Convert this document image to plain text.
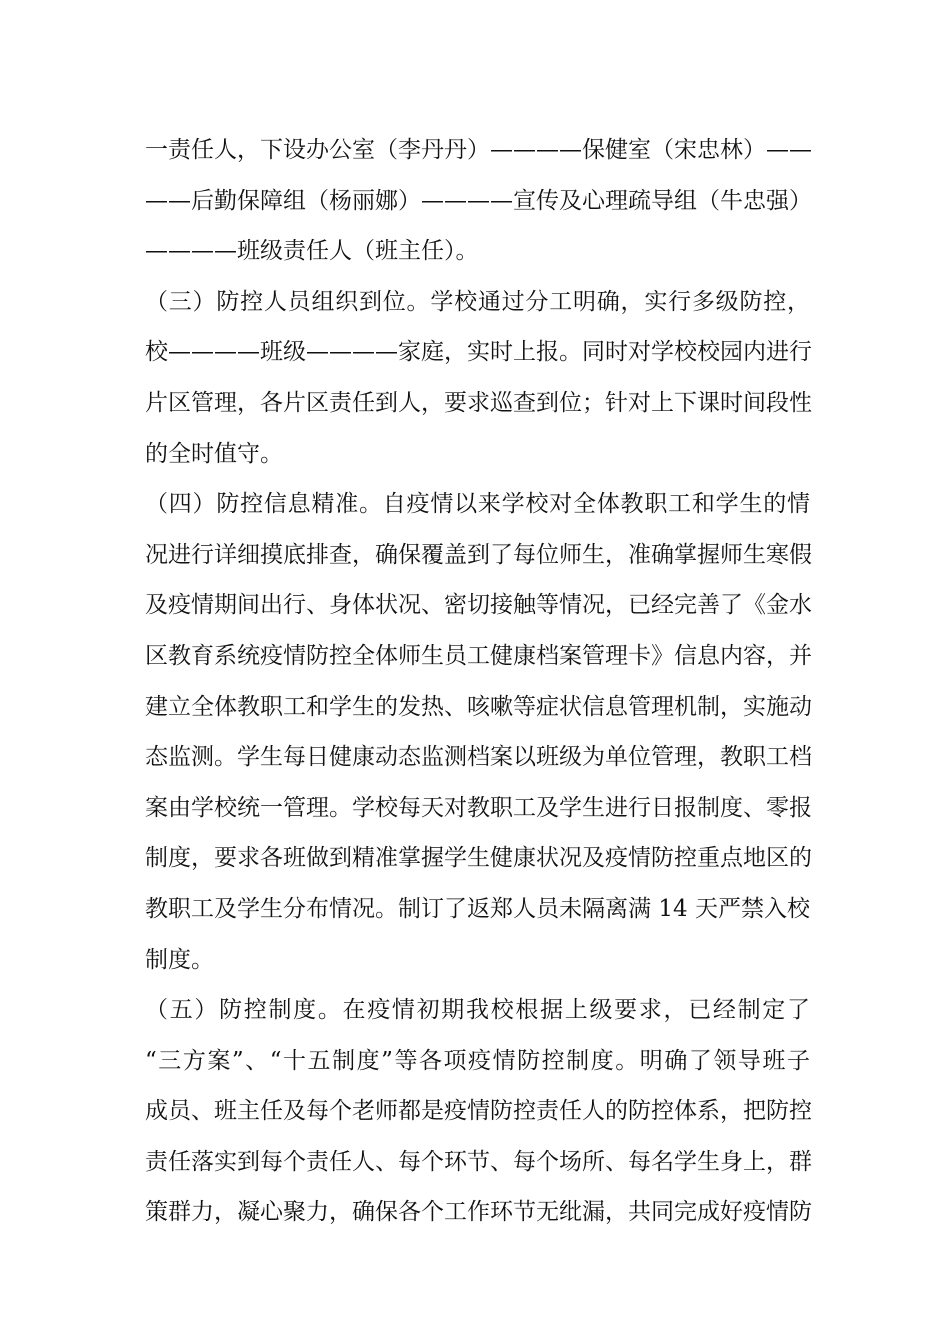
一责任人，下设办公室（李丹丹）————保健室（宋忠林）——
——后勤保障组（杨丽娜）————宣传及心理疏导组（牛忠强）
————班级责任人（班主任）。
（三）防控人员组织到位。学校通过分工明确，实行多级防控，
校————班级————家庭，实时上报。同时对学校校园内进行
片区管理，各片区责任到人，要求巡查到位；针对上下课时间段性
的全时值守。
（四）防控信息精准。自疫情以来学校对全体教职工和学生的情
况进行详细摸底排查，确保覆盖到了每位师生，准确掌握师生寒假
及疫情期间出行、身体状况、密切接触等情况，已经完善了《金水
区教育系统疫情防控全体师生员工健康档案管理卡》信息内容，并
建立全体教职工和学生的发热、咳嗽等症状信息管理机制，实施动
态监测。学生每日健康动态监测档案以班级为单位管理，教职工档
案由学校统一管理。学校每天对教职工及学生进行日报制度、零报
制度，要求各班做到精准掌握学生健康状况及疫情防控重点地区的
教职工及学生分布情况。制订了返郑人员未隔离满 14 天严禁入校
制度。
（五）防控制度。在疫情初期我校根据上级要求，已经制定了
“三方案”、“十五制度”等各项疫情防控制度。明确了领导班子
成员、班主任及每个老师都是疫情防控责任人的防控体系，把防控
责任落实到每个责任人、每个环节、每个场所、每名学生身上，群
策群力，凝心聚力，确保各个工作环节无纰漏，共同完成好疫情防
